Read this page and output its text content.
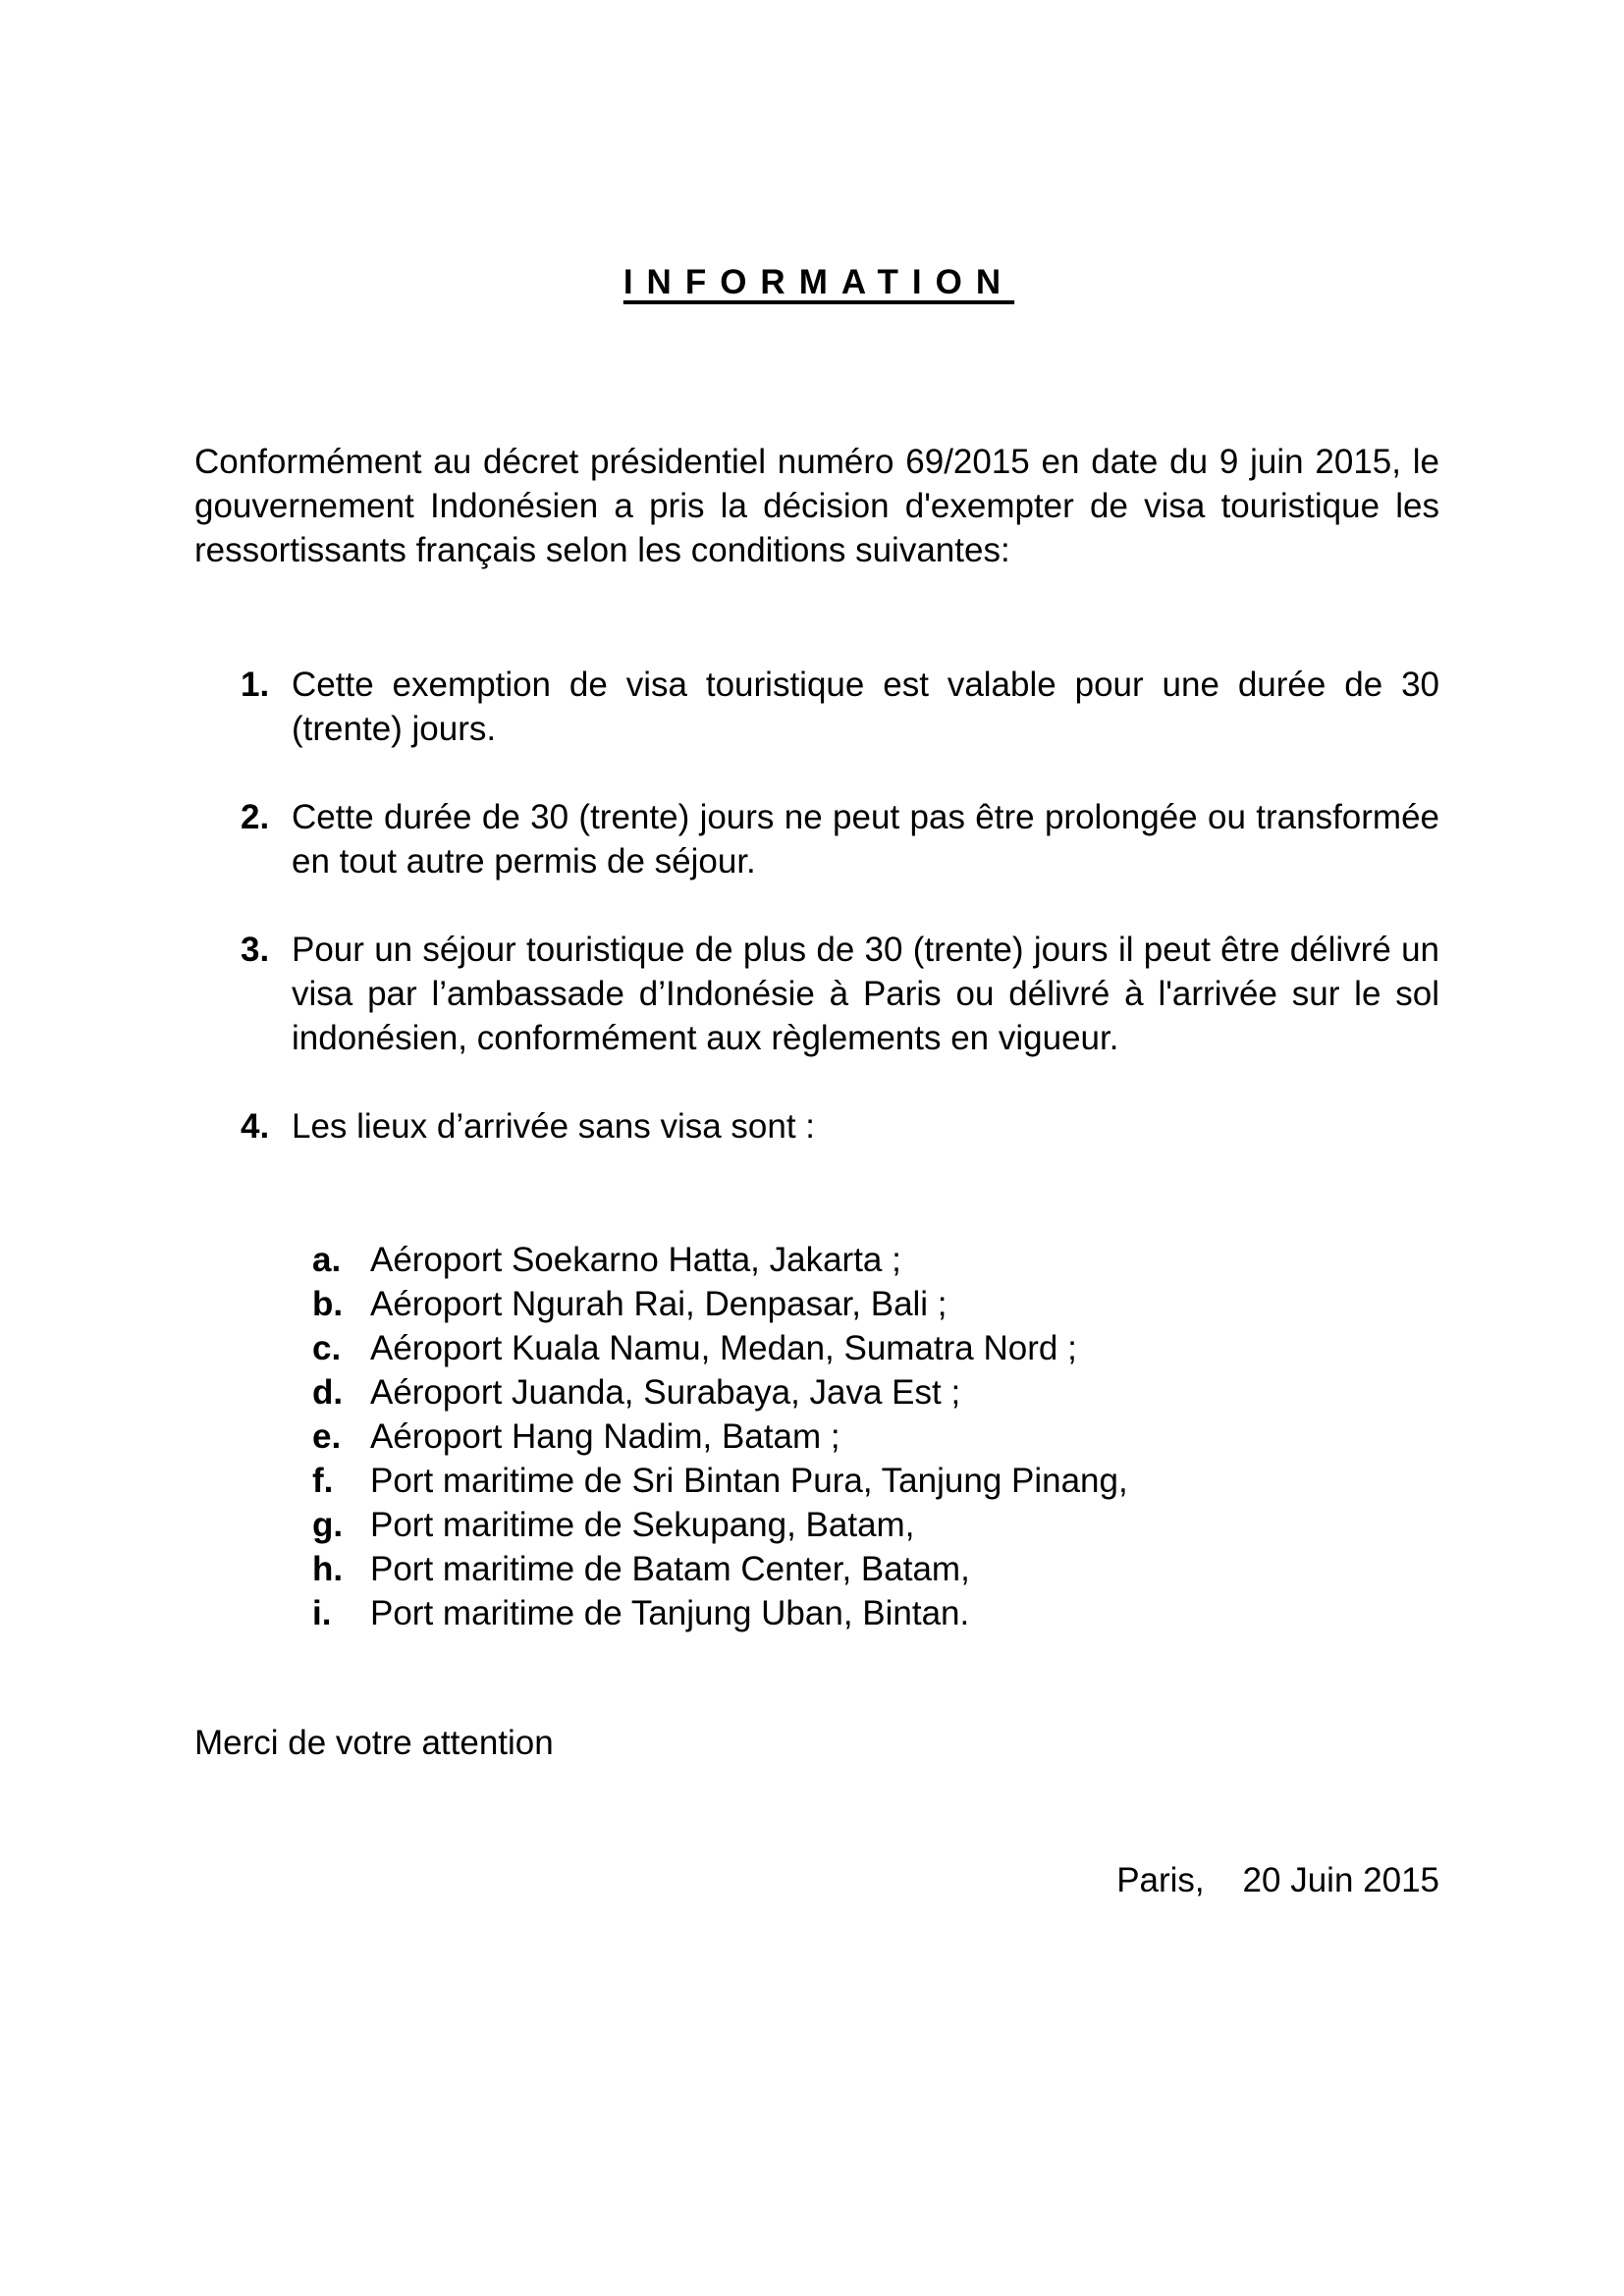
INFORMATION
Conformément au décret présidentiel numéro 69/2015 en date du 9 juin 2015, le gouvernement Indonésien a pris la décision d'exempter de visa touristique les ressortissants français selon les conditions suivantes:
1. Cette exemption de visa touristique est valable pour une durée de 30 (trente) jours.
2. Cette durée de 30 (trente) jours ne peut pas être prolongée ou transformée en tout autre permis de séjour.
3. Pour un séjour touristique de plus de 30 (trente) jours il peut être délivré un visa par l’ambassade d’Indonésie à Paris ou délivré à l'arrivée sur le sol indonésien, conformément aux règlements en vigueur.
4. Les lieux d’arrivée sans visa sont :
a. Aéroport Soekarno Hatta, Jakarta ;
b. Aéroport Ngurah Rai, Denpasar, Bali ;
c. Aéroport Kuala Namu, Medan, Sumatra Nord ;
d. Aéroport Juanda, Surabaya, Java Est ;
e. Aéroport Hang Nadim, Batam ;
f.	Port maritime de Sri Bintan Pura, Tanjung Pinang,
g. Port maritime de Sekupang, Batam,
h. Port maritime de Batam Center, Batam,
i.	Port maritime de Tanjung Uban, Bintan.
Merci de votre attention
Paris,    20 Juin 2015
